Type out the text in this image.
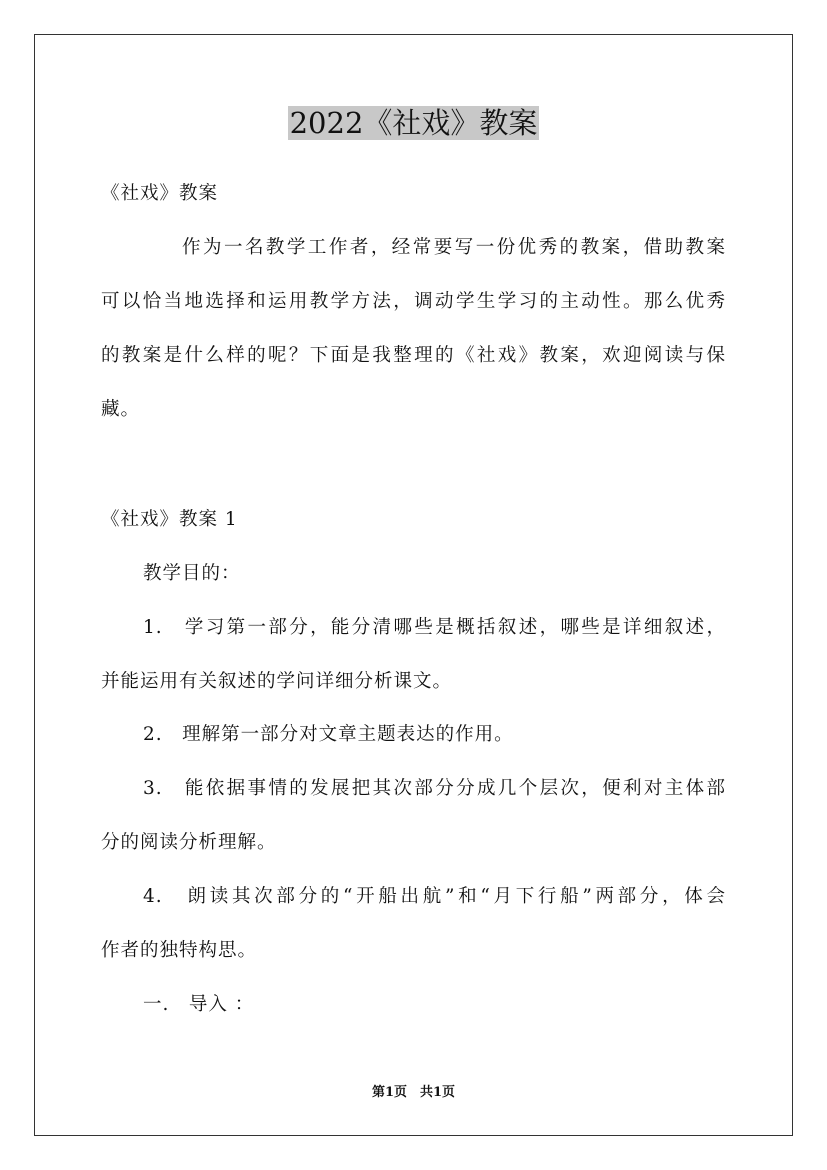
2022《社戏》教案

《社戏》教案

作为一名教学工作者，经常要写一份优秀的教案，借助教案

可以恰当地选择和运用教学方法，调动学生学习的主动性。那么优秀

的教案是什么样的呢？下面是我整理的《社戏》教案，欢迎阅读与保

藏。

《社戏》教案 1

教学目的：

1.　学习第一部分，能分清哪些是概括叙述，哪些是详细叙述，

并能运用有关叙述的学问详细分析课文。

2.　理解第一部分对文章主题表达的作用。

3.　能依据事情的发展把其次部分分成几个层次，便利对主体部

分的阅读分析理解。

4.　朗读其次部分的“开船出航”和“月下行船”两部分，体会

作者的独特构思。

一.　导入 ：

第1页　共1页
